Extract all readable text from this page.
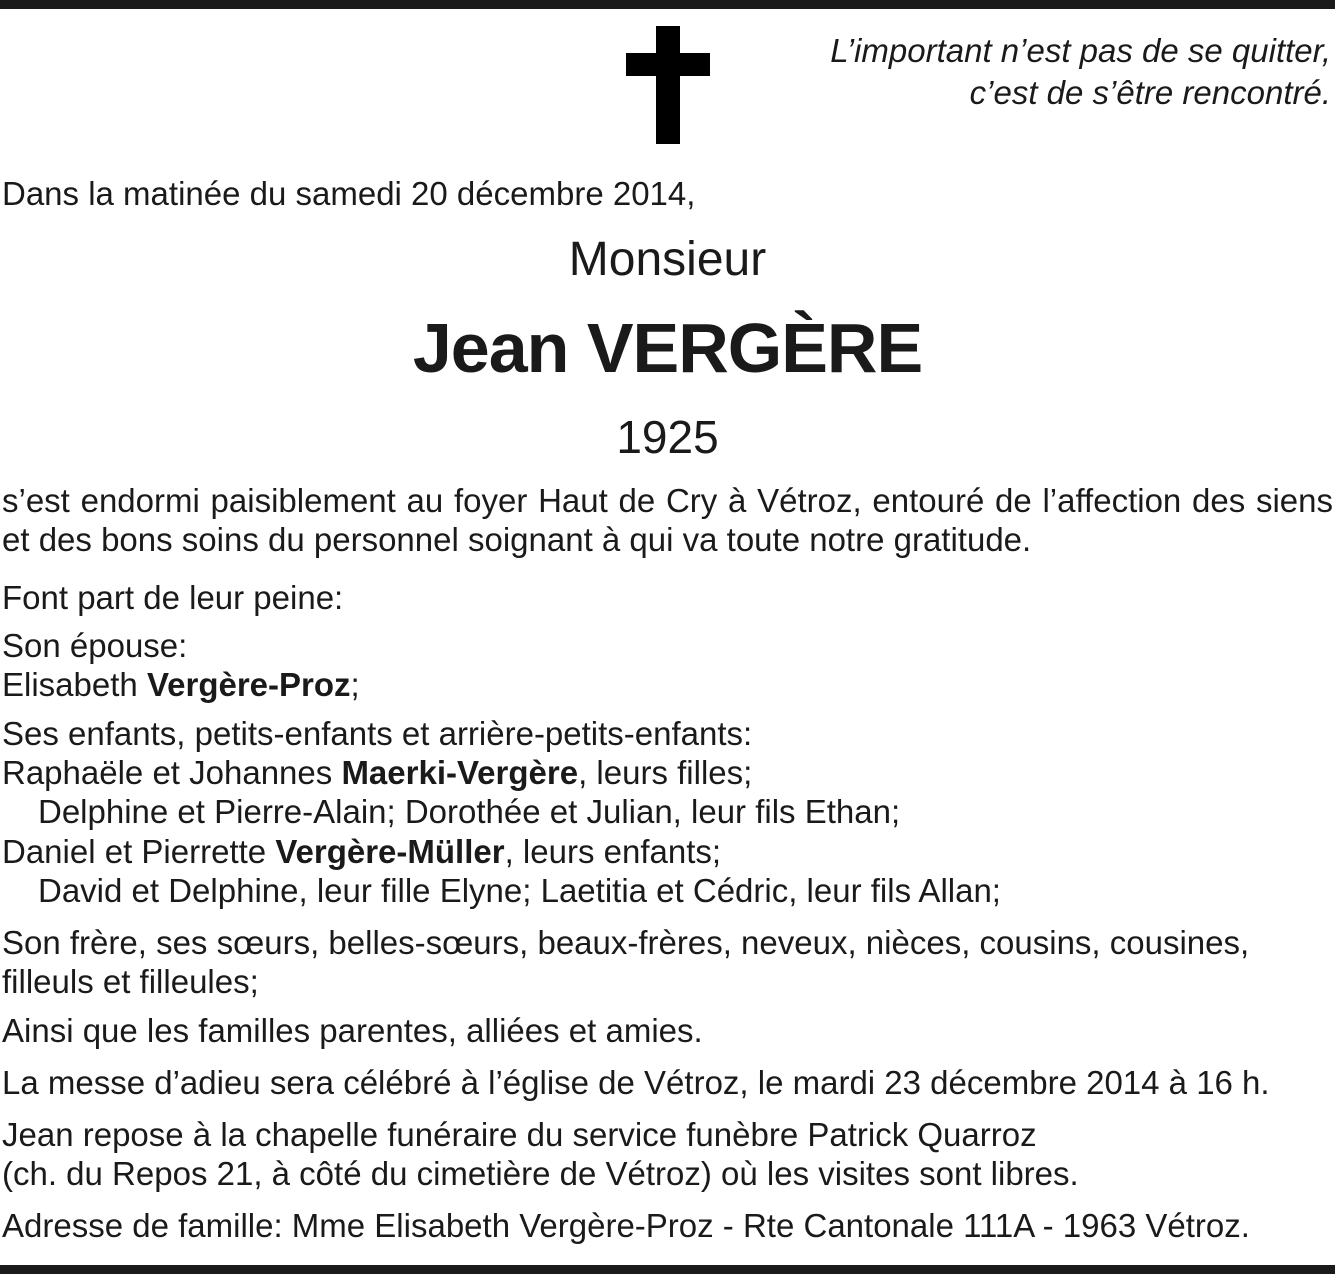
L’important n’est pas de se quitter,
c’est de s’être rencontré.
Dans la matinée du samedi 20 décembre 2014,
Monsieur
Jean VERGÈRE
1925
s’est endormi paisiblement au foyer Haut de Cry à Vétroz, entouré de l’affection des siens et des bons soins du personnel soignant à qui va toute notre gratitude.
Font part de leur peine:
Son épouse:
Elisabeth Vergère-Proz;
Ses enfants, petits-enfants et arrière-petits-enfants:
Raphaële et Johannes Maerki-Vergère, leurs filles;
Delphine et Pierre-Alain; Dorothée et Julian, leur fils Ethan;
Daniel et Pierrette Vergère-Müller, leurs enfants;
David et Delphine, leur fille Elyne; Laetitia et Cédric, leur fils Allan;
Son frère, ses sœurs, belles-sœurs, beaux-frères, neveux, nièces, cousins, cousines,
filleuls et filleules;
Ainsi que les familles parentes, alliées et amies.
La messe d’adieu sera célébré à l’église de Vétroz, le mardi 23 décembre 2014 à 16 h.
Jean repose à la chapelle funéraire du service funèbre Patrick Quarroz
(ch. du Repos 21, à côté du cimetière de Vétroz) où les visites sont libres.
Adresse de famille: Mme Elisabeth Vergère-Proz - Rte Cantonale 111A - 1963 Vétroz.
